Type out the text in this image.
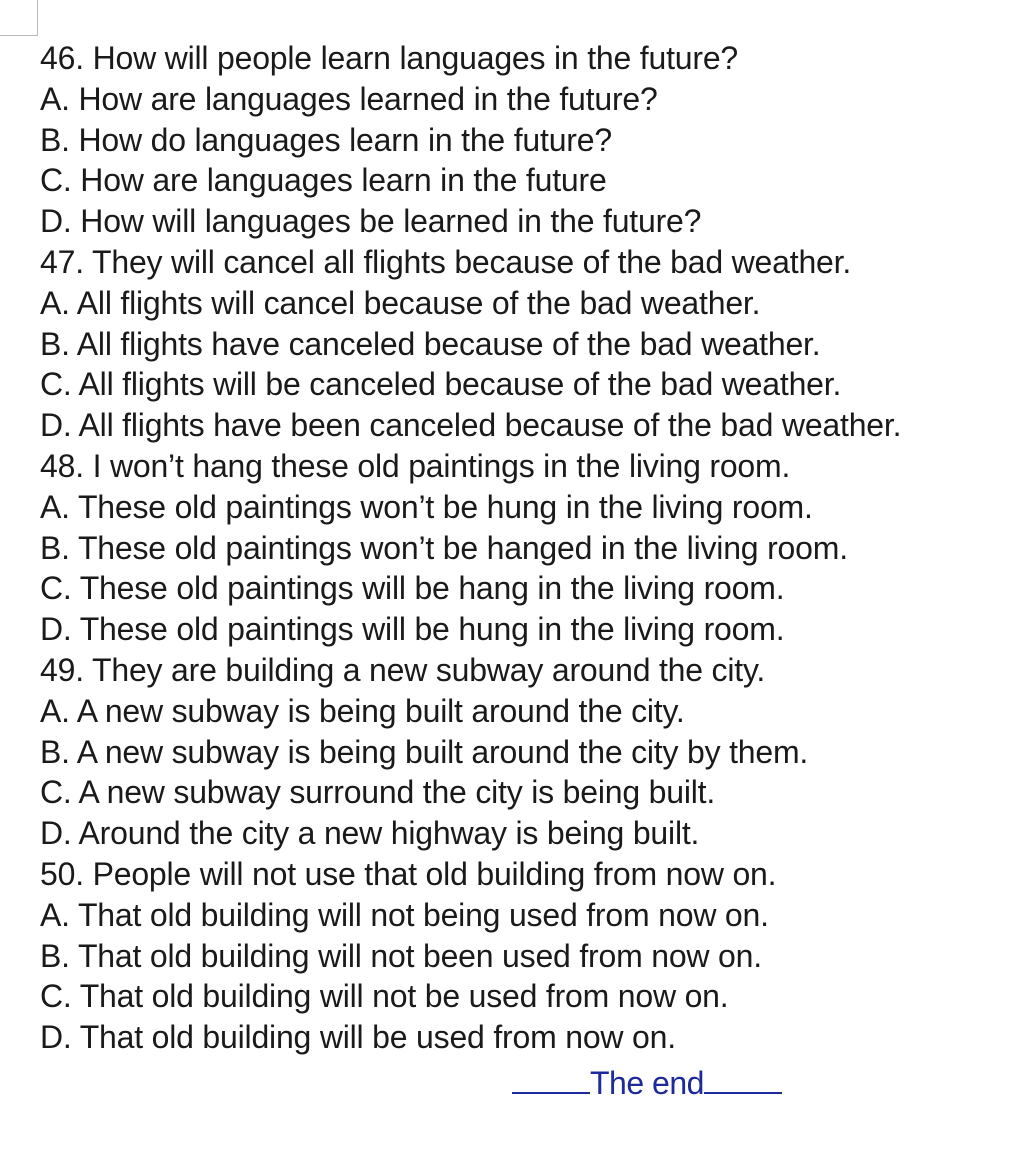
46. How will people learn languages in the future?
A. How are languages learned in the future?
B. How do languages learn in the future?
C. How are languages learn in the future
D. How will languages be learned in the future?
47. They will cancel all flights because of the bad weather.
A. All flights will cancel because of the bad weather.
B. All flights have canceled because of the bad weather.
C. All flights will be canceled because of the bad weather.
D. All flights have been canceled because of the bad weather.
48. I won’t hang these old paintings in the living room.
A. These old paintings won’t be hung in the living room.
B. These old paintings won’t be hanged in the living room.
C. These old paintings will be hang in the living room.
D. These old paintings will be hung in the living room.
49. They are building a new subway around the city.
A. A new subway is being built around the city.
B. A new subway is being built around the city by them.
C. A new subway surround the city is being built.
D. Around the city a new highway is being built.
50. People will not use that old building from now on.
A. That old building will not being used from now on.
B. That old building will not been used from now on.
C. That old building will not be used from now on.
D. That old building will be used from now on.
The end
